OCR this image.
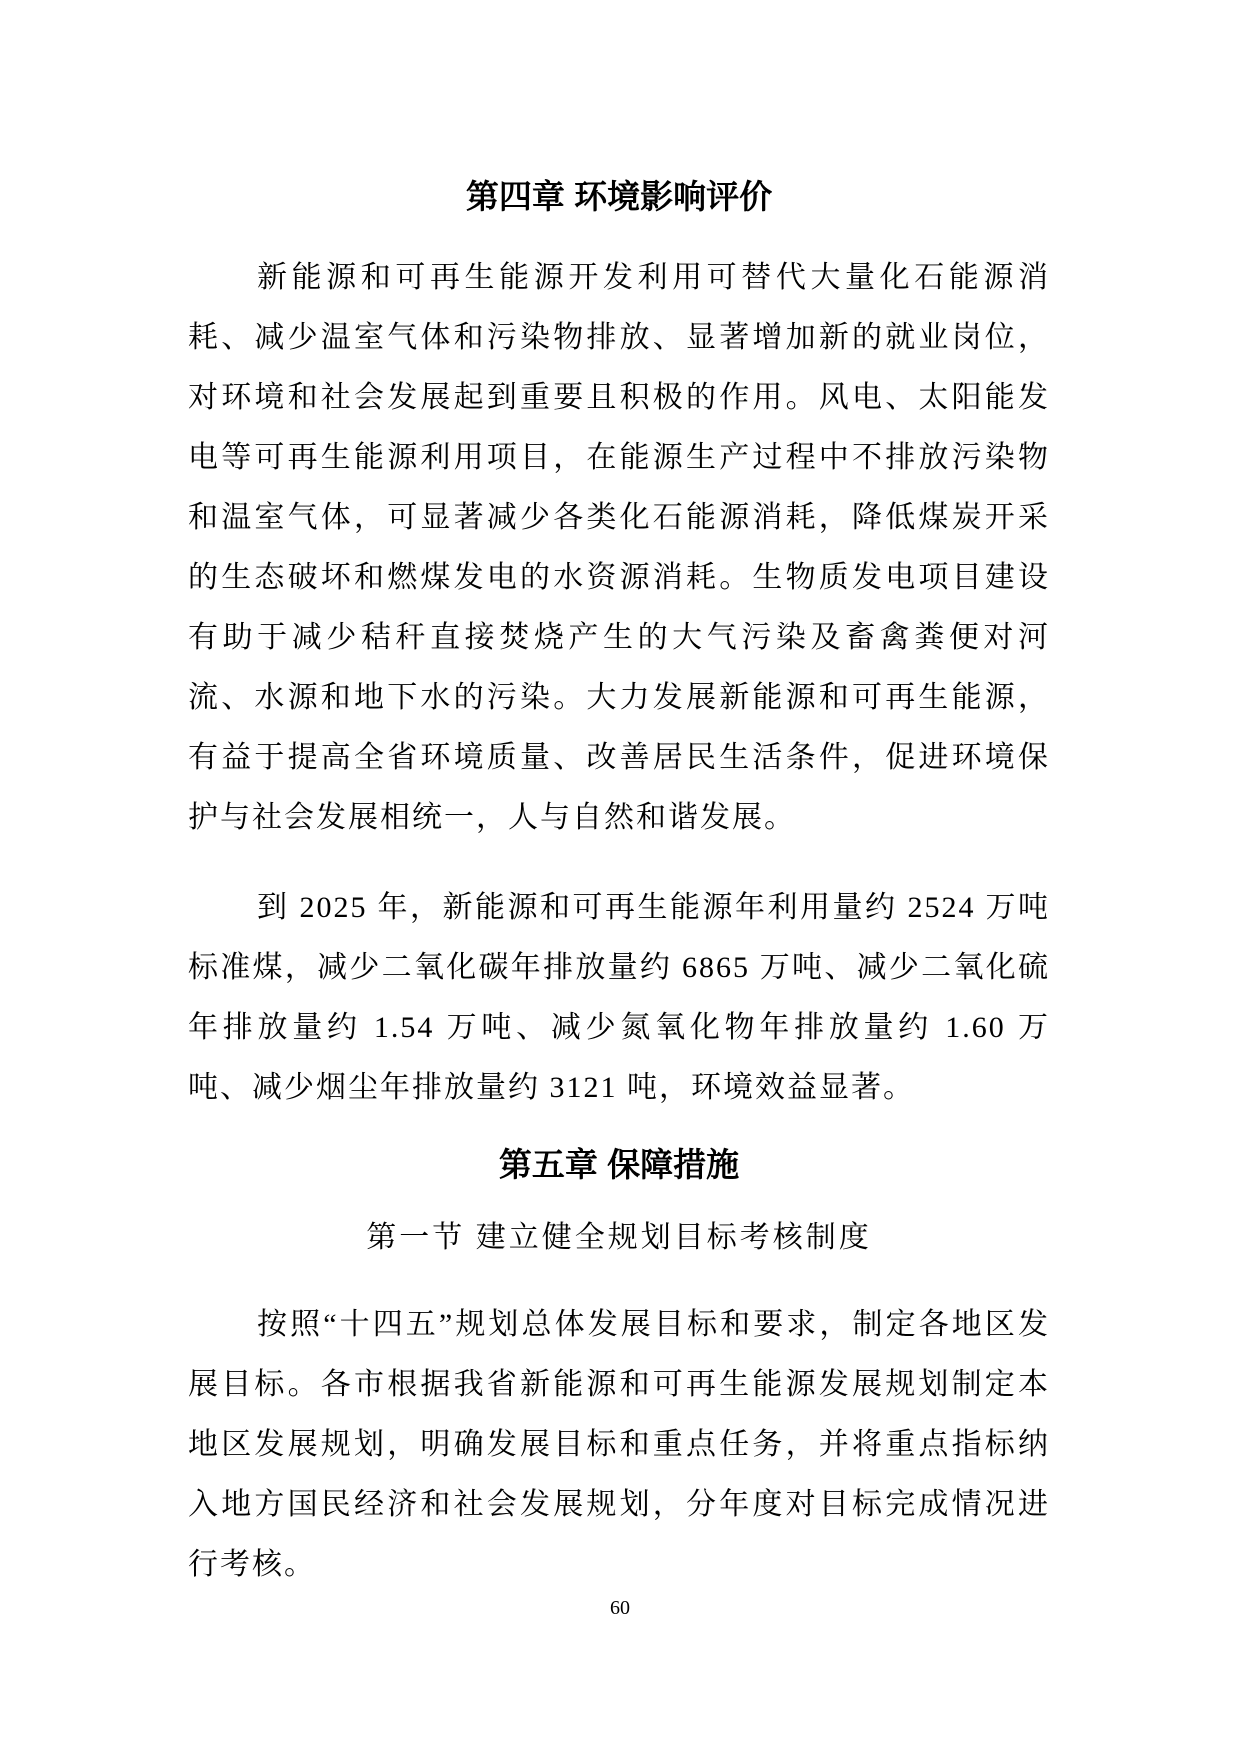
第四章 环境影响评价

新能源和可再生能源开发利用可替代大量化石能源消耗、减少温室气体和污染物排放、显著增加新的就业岗位，对环境和社会发展起到重要且积极的作用。风电、太阳能发电等可再生能源利用项目，在能源生产过程中不排放污染物和温室气体，可显著减少各类化石能源消耗，降低煤炭开采的生态破坏和燃煤发电的水资源消耗。生物质发电项目建设有助于减少秸秆直接焚烧产生的大气污染及畜禽粪便对河流、水源和地下水的污染。大力发展新能源和可再生能源，有益于提高全省环境质量、改善居民生活条件，促进环境保护与社会发展相统一，人与自然和谐发展。

到 2025 年，新能源和可再生能源年利用量约 2524 万吨标准煤，减少二氧化碳年排放量约 6865 万吨、减少二氧化硫年排放量约 1.54 万吨、减少氮氧化物年排放量约 1.60 万吨、减少烟尘年排放量约 3121 吨，环境效益显著。

第五章 保障措施
第一节 建立健全规划目标考核制度

按照“十四五”规划总体发展目标和要求，制定各地区发展目标。各市根据我省新能源和可再生能源发展规划制定本地区发展规划，明确发展目标和重点任务，并将重点指标纳入地方国民经济和社会发展规划，分年度对目标完成情况进行考核。

60
